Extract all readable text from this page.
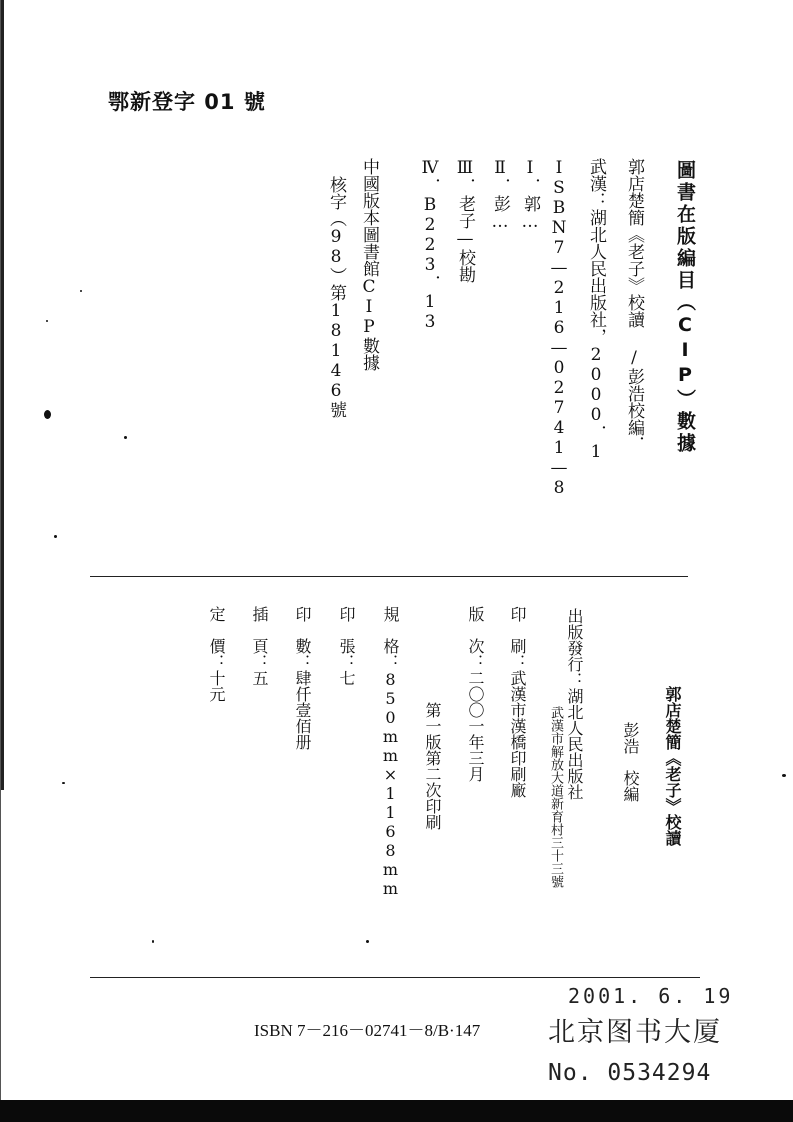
鄂新登字 01 號
圖書在版編目（CIP）數據
郭店楚簡《老子》校讀 /彭浩校編．
武漢：湖北人民出版社，2000．1
ISBN7—216—02741—8
Ⅰ．郭…
Ⅱ．彭…
Ⅲ．老子—校勘
Ⅳ．B223．13
中國版本圖書館CIP數據
核字（98）第18146號
郭店楚簡《老子》校讀
彭浩　校編
出版發行：湖北人民出版社
武漢市解放大道新育村三十三號
印　刷：武漢市漢橋印刷廠
版　次：二〇〇一年三月
第一版第二次印刷
規　格：850mm×1168mm
印　張：七
印　數：肆仟壹佰册
插　頁：五
定　價：十元
ISBN 7－216－02741－8/B·147
2001. 6. 19
北京图书大厦
No. 0534294
